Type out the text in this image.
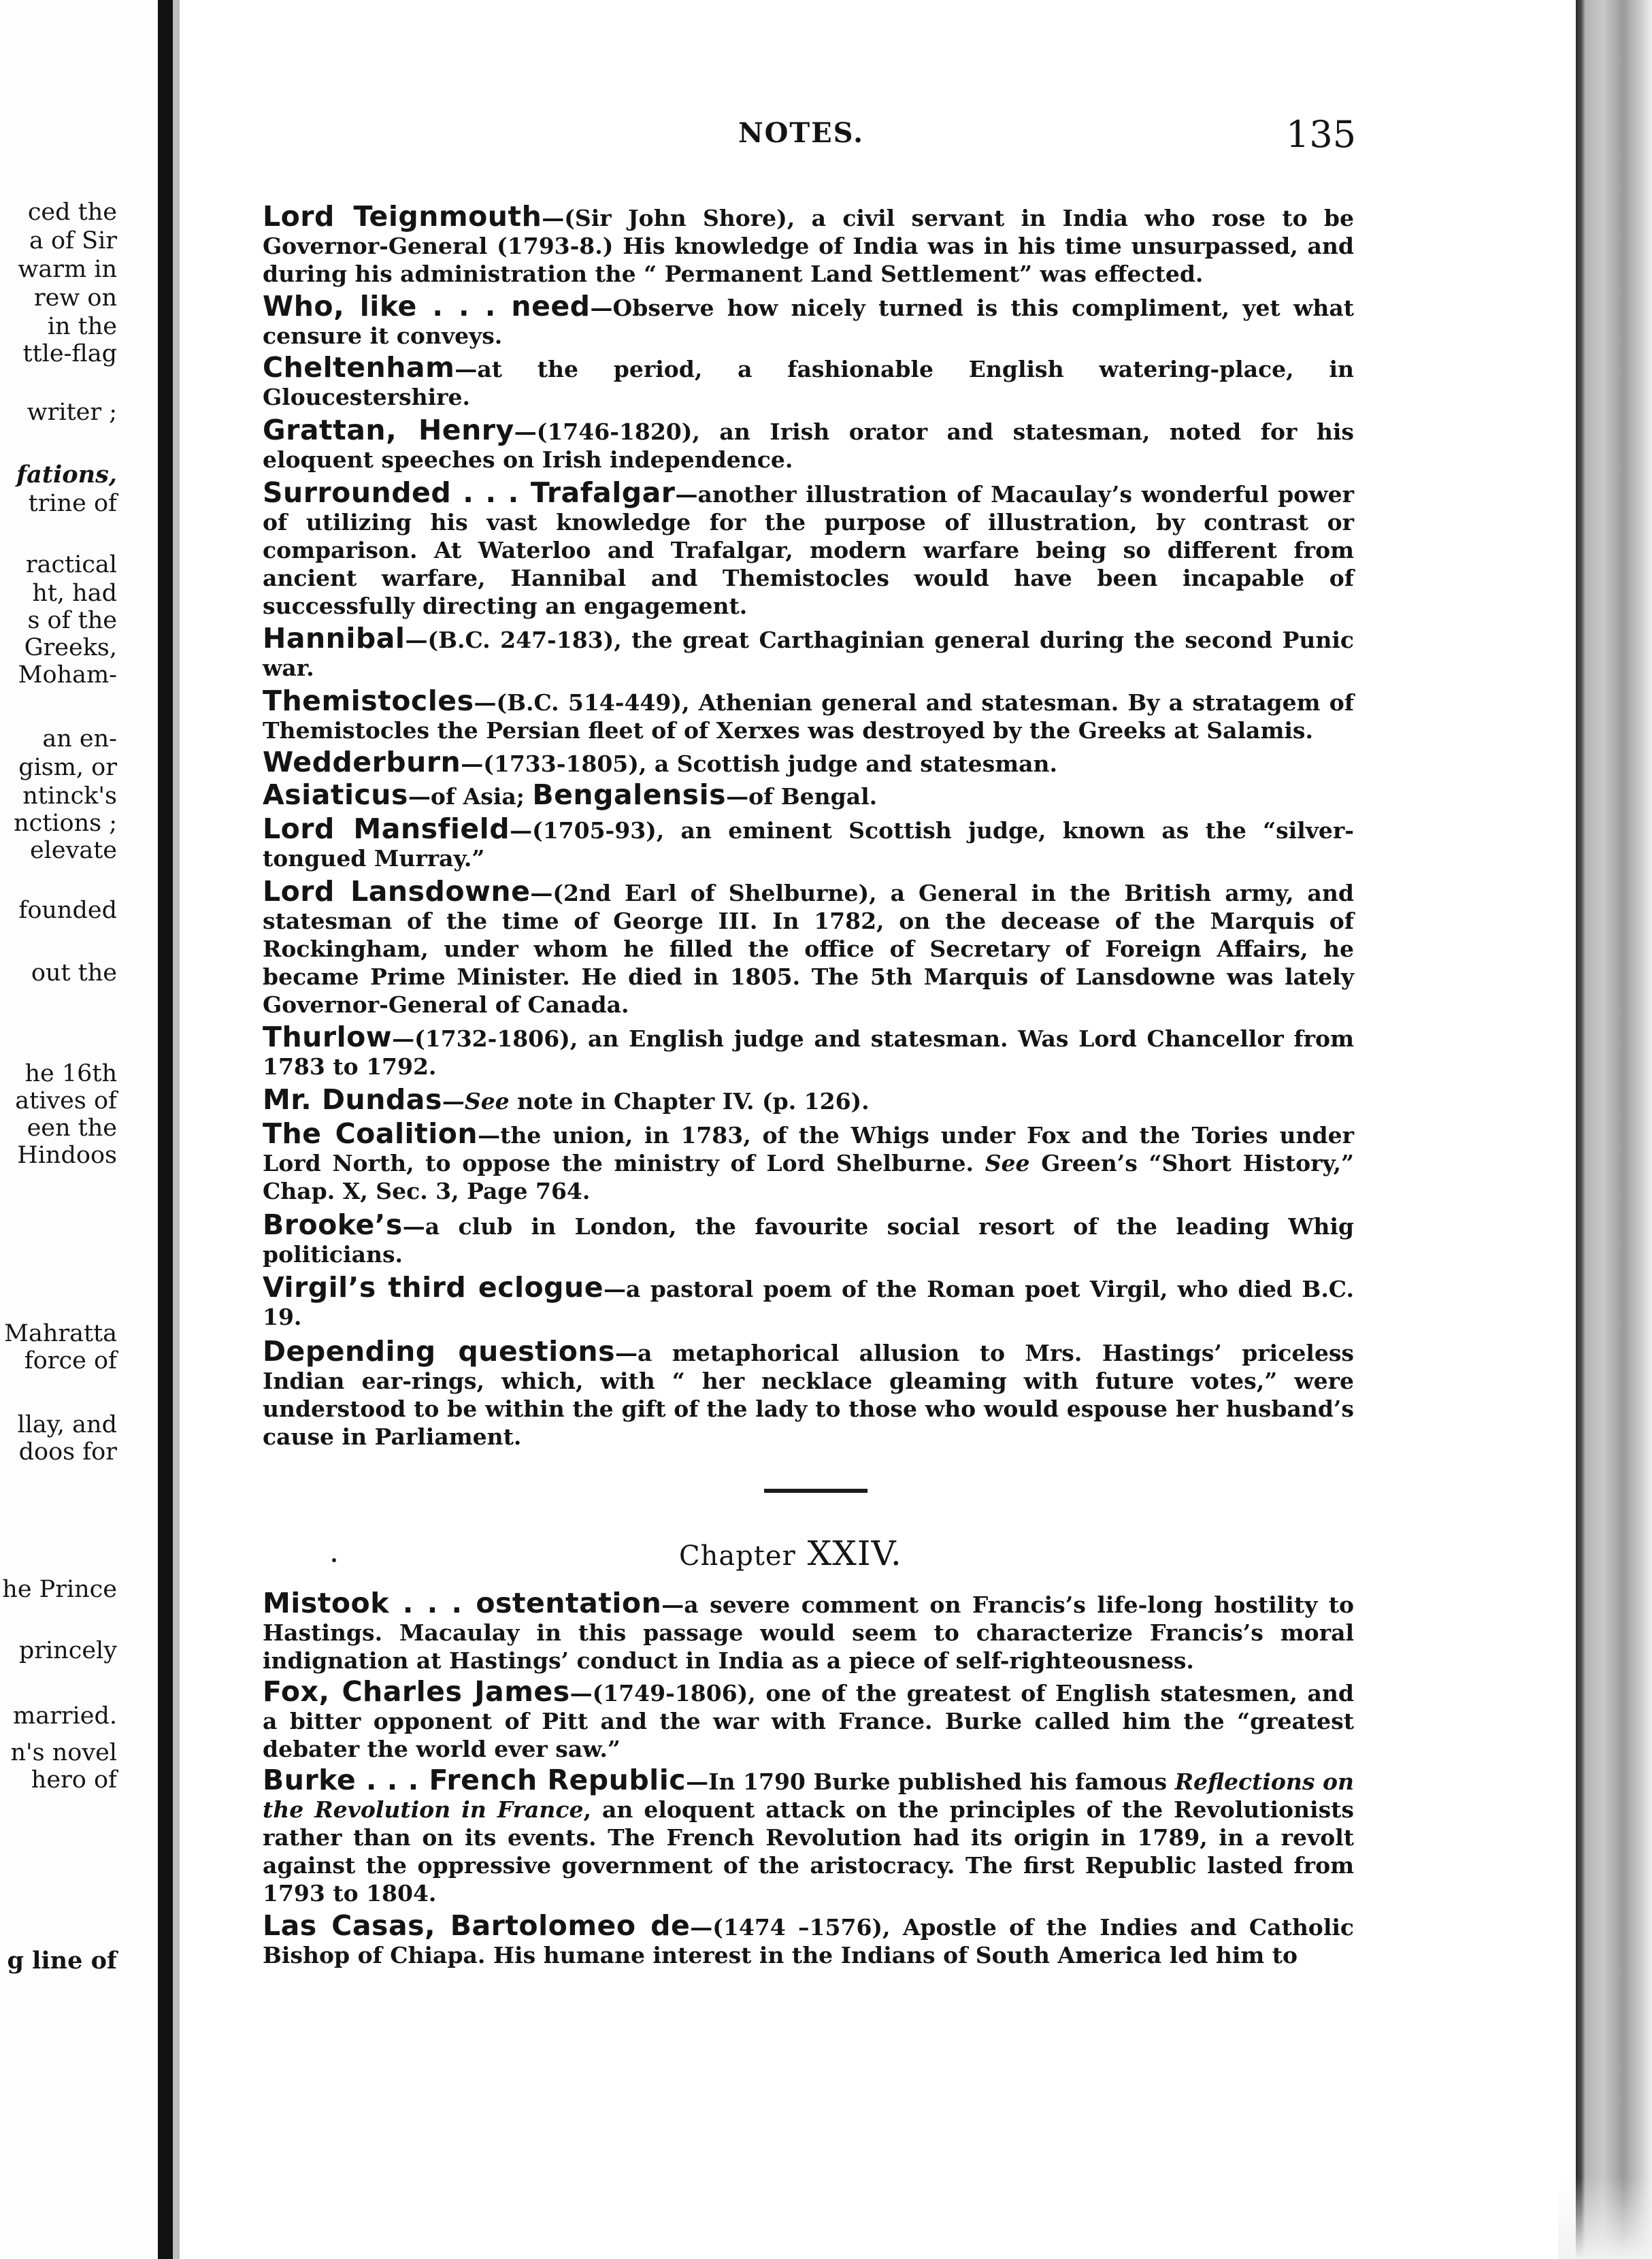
ced the
a of Sir
warm in
rew on
in the
ttle-flag
writer ;
fations,
trine of
ractical
ht, had
s of the
Greeks,
Moham-
an en-
gism, or
ntinck's
nctions ;
elevate
founded
out the
he 16th
atives of
een the
Hindoos
Mahratta
force of
llay, and
doos for
he Prince
princely
married.
n's novel
hero of
g line of
NOTES.	135

Lord Teignmouth—(Sir John Shore), a civil servant in India who rose to be Governor-General (1793-8.) His knowledge of India was in his time unsurpassed, and during his administration the “ Permanent Land Settlement” was effected.

Who, like . . . need—Observe how nicely turned is this compliment, yet what censure it conveys.

Cheltenham—at the period, a fashionable English watering-place, in Gloucestershire.

Grattan, Henry—(1746-1820), an Irish orator and statesman, noted for his eloquent speeches on Irish independence.

Surrounded . . . Trafalgar—another illustration of Macaulay’s wonderful power of utilizing his vast knowledge for the purpose of illustration, by contrast or comparison. At Waterloo and Trafalgar, modern warfare being so different from ancient warfare, Hannibal and Themistocles would have been incapable of successfully directing an engagement.

Hannibal—(B.C. 247-183), the great Carthaginian general during the second Punic war.

Themistocles—(B.C. 514-449), Athenian general and statesman. By a stratagem of Themistocles the Persian fleet of of Xerxes was destroyed by the Greeks at Salamis.

Wedderburn—(1733-1805), a Scottish judge and statesman.

Asiaticus—of Asia; Bengalensis—of Bengal.

Lord Mansfield—(1705-93), an eminent Scottish judge, known as the “silver-tongued Murray.”

Lord Lansdowne—(2nd Earl of Shelburne), a General in the British army, and statesman of the time of George III. In 1782, on the decease of the Marquis of Rockingham, under whom he filled the office of Secretary of Foreign Affairs, he became Prime Minister. He died in 1805. The 5th Marquis of Lansdowne was lately Governor-General of Canada.

Thurlow—(1732-1806), an English judge and statesman. Was Lord Chancellor from 1783 to 1792.

Mr. Dundas—See note in Chapter IV. (p. 126).

The Coalition—the union, in 1783, of the Whigs under Fox and the Tories under Lord North, to oppose the ministry of Lord Shelburne. See Green’s “Short History,” Chap. X, Sec. 3, Page 764.

Brooke’s—a club in London, the favourite social resort of the leading Whig politicians.

Virgil’s third eclogue—a pastoral poem of the Roman poet Virgil, who died B.C. 19.

Depending questions—a metaphorical allusion to Mrs. Hastings’ priceless Indian ear-rings, which, with “ her necklace gleaming with future votes,” were understood to be within the gift of the lady to those who would espouse her husband’s cause in Parliament.

Chapter XXIV.

Mistook . . . ostentation—a severe comment on Francis’s life-long hostility to Hastings. Macaulay in this passage would seem to characterize Francis’s moral indignation at Hastings’ conduct in India as a piece of self-righteousness.

Fox, Charles James—(1749-1806), one of the greatest of English statesmen, and a bitter opponent of Pitt and the war with France. Burke called him the “greatest debater the world ever saw.”

Burke . . . French Republic—In 1790 Burke published his famous Reflections on the Revolution in France, an eloquent attack on the principles of the Revolutionists rather than on its events. The French Revolution had its origin in 1789, in a revolt against the oppressive government of the aristocracy. The first Republic lasted from 1793 to 1804.

Las Casas, Bartolomeo de—(1474 –1576), Apostle of the Indies and Catholic Bishop of Chiapa. His humane interest in the Indians of South America led him to
